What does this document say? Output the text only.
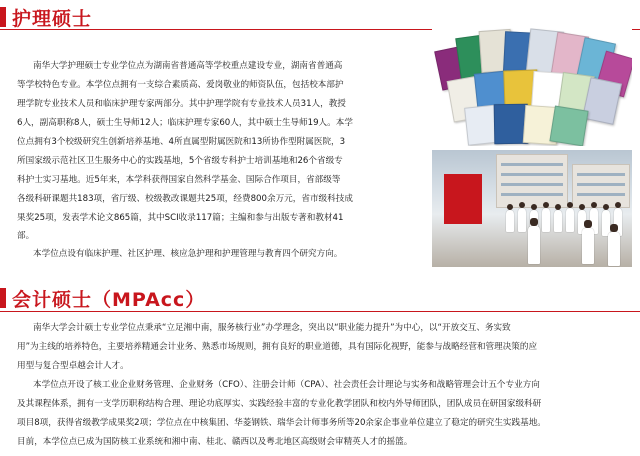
护理硕士

南华大学护理硕士专业学位点为湖南省普通高等学校重点建设专业，湖南省普通高

等学校特色专业。本学位点拥有一支综合素质高、爱岗敬业的师资队伍，包括校本部护

理学院专业技术人员和临床护理专家两部分。其中护理学院有专业技术人员31人，教授

6人，副高职称8人，硕士生导师12人；临床护理专家60人，其中硕士生导师19人。本学

位点拥有3个校级研究生创新培养基地、4所直属型附属医院和13所协作型附属医院，3

所国家级示范社区卫生服务中心的实践基地，5个省级专科护士培训基地和26个省级专

科护士实习基地。近5年来，本学科获得国家自然科学基金、国际合作项目，省部级等

各级科研课题共183项，省厅级、校级教改课题共25项，经费800余万元，省市级科技成

果奖25项，发表学术论文865篇，其中SCI收录117篇；主编和参与出版专著和教材41

部。

本学位点设有临床护理、社区护理、核应急护理和护理管理与教育四个研究方向。

会计硕士（MPAcc）

南华大学会计硕士专业学位点秉承“立足湘中南，服务核行业”办学理念，突出以“职业能力提升”为中心，以“开放交互、务实致

用”为主线的培养特色，主要培养精通会计业务、熟悉市场规则，拥有良好的职业道德，具有国际化视野，能参与战略经营和管理决策的应

用型与复合型卓越会计人才。

本学位点开设了核工业企业财务管理、企业财务（CFO）、注册会计师（CPA）、社会责任会计理论与实务和战略管理会计五个专业方向

及其课程体系，拥有一支学历职称结构合理、理论功底厚实、实践经验丰富的专业化教学团队和校内外导师团队，团队成员在研国家级科研

项目8项，获得省级教学成果奖2项；学位点在中核集团、华菱钢铁、瑞华会计师事务所等20余家企事业单位建立了稳定的研究生实践基地。

目前，本学位点已成为国防核工业系统和湘中南、桂北、赣西以及粤北地区高级财会审精英人才的摇篮。
